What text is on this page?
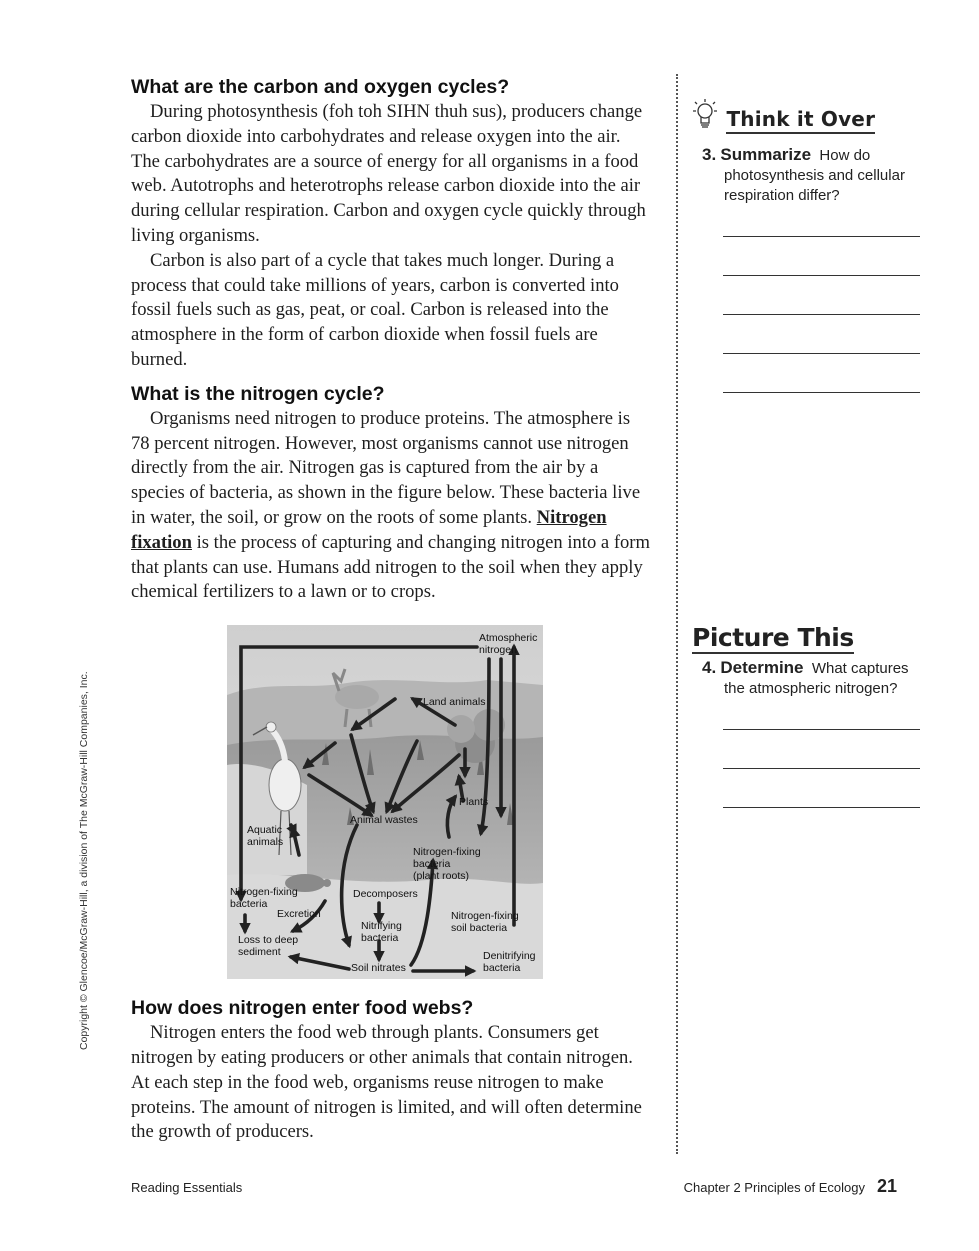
What are the carbon and oxygen cycles?

During photosynthesis (foh toh SIHN thuh sus), producers change carbon dioxide into carbohydrates and release oxygen into the air. The carbohydrates are a source of energy for all organisms in a food web. Autotrophs and heterotrophs release carbon dioxide into the air during cellular respiration. Carbon and oxygen cycle quickly through living organisms.

Carbon is also part of a cycle that takes much longer. During a process that could take millions of years, carbon is converted into fossil fuels such as gas, peat, or coal. Carbon is released into the atmosphere in the form of carbon dioxide when fossil fuels are burned.

What is the nitrogen cycle?

Organisms need nitrogen to produce proteins. The atmosphere is 78 percent nitrogen. However, most organisms cannot use nitrogen directly from the air. Nitrogen gas is captured from the air by a species of bacteria, as shown in the figure below. These bacteria live in water, the soil, or grow on the roots of some plants. Nitrogen fixation is the process of capturing and changing nitrogen into a form that plants can use. Humans add nitrogen to the soil when they apply chemical fertilizers to a lawn or to crops.

Atmospheric
nitrogen
Land animals
Plants
Animal wastes
Aquatic
animals
Nitrogen-fixing
bacteria
(plant roots)
Nitrogen-fixing
bacteria
Excretion
Decomposers
Nitrogen-fixing
soil bacteria
Loss to deep
sediment
Nitrifying
bacteria
Denitrifying
bacteria
Soil nitrates
How does nitrogen enter food webs?

Nitrogen enters the food web through plants. Consumers get nitrogen by eating producers or other animals that contain nitrogen. At each step in the food web, organisms reuse nitrogen to make proteins. The amount of nitrogen is limited, and will often determine the growth of producers.

Think it Over
3. Summarize How do photosynthesis and cellular respiration differ?
Picture This
4. Determine What captures the atmospheric nitrogen?
Copyright © Glencoe/McGraw-Hill, a division of The McGraw-Hill Companies, Inc.
Reading Essentials	Chapter 2 Principles of Ecology 21
